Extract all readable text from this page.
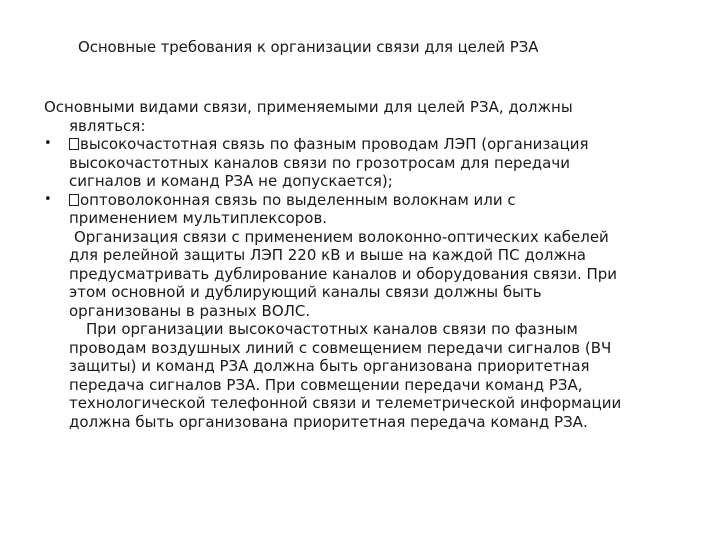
Основные требования к организации связи для целей РЗА
Основными видами связи, применяемыми для целей РЗА, должны
являться:
•	высокочастотная связь по фазным проводам ЛЭП (организация
высокочастотных каналов связи по грозотросам для передачи
сигналов и команд РЗА не допускается);
•	оптоволоконная связь по выделенным волокнам или с
применением мультиплексоров.
Организация связи с применением волоконно-оптических кабелей
для релейной защиты ЛЭП 220 кВ и выше на каждой ПС должна
предусматривать дублирование каналов и оборудования связи. При
этом основной и дублирующий каналы связи должны быть
организованы в разных ВОЛС.
При организации высокочастотных каналов связи по фазным
проводам воздушных линий с совмещением передачи сигналов (ВЧ
защиты) и команд РЗА должна быть организована приоритетная
передача сигналов РЗА. При совмещении передачи команд РЗА,
технологической телефонной связи и телеметрической информации
должна быть организована приоритетная передача команд РЗА.
